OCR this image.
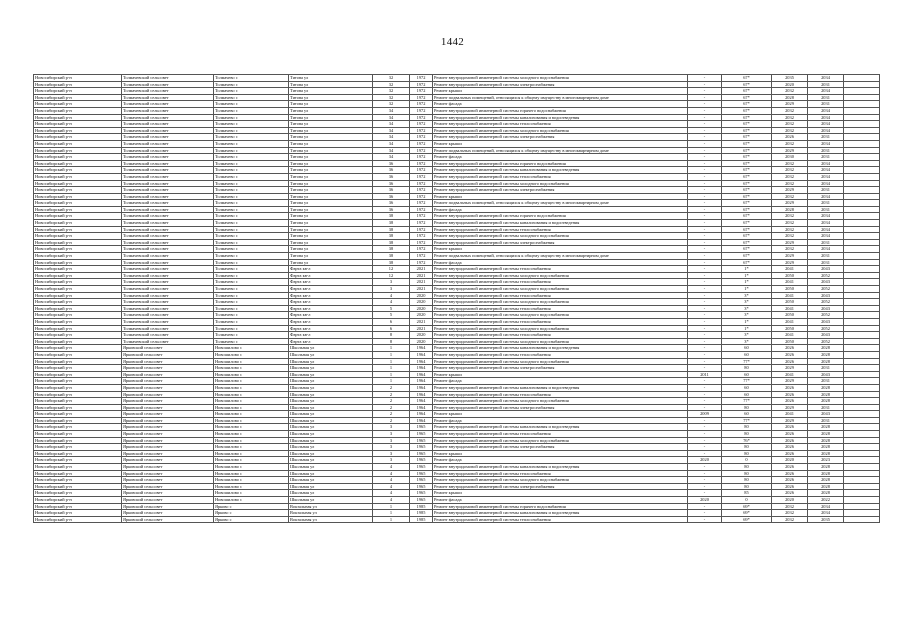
1442
Новосибирский р-н	Толмачевский сельсовет	Толмачево с	Титова ул	32	1972	Ремонт внутридомовой инженерной системы холодного водоснабжения	-	67*	2035	2034	
Новосибирский р-н	Толмачевский сельсовет	Толмачево с	Титова ул	32	1972	Ремонт внутридомовой инженерной системы электроснабжения	-	67*	2020	2031	
Новосибирский р-н	Толмачевский сельсовет	Толмачево с	Титова ул	32	1972	Ремонт крыши	-	67*	2032	2034	
Новосибирский р-н	Толмачевский сельсовет	Толмачево с	Титова ул	32	1972	Ремонт подвальных помещений, относящихся к общему имуществу в многоквартирном доме	-	67*	2028	2031	
Новосибирский р-н	Толмачевский сельсовет	Толмачево с	Титова ул	32	1972	Ремонт фасада	-	67*	2029	2031	
Новосибирский р-н	Толмачевский сельсовет	Толмачево с	Титова ул	34	1972	Ремонт внутридомовой инженерной системы горячего водоснабжения	-	67*	2032	2034	
Новосибирский р-н	Толмачевский сельсовет	Толмачево с	Титова ул	34	1972	Ремонт внутридомовой инженерной системы канализования и водоотведения	-	67*	2032	2034	
Новосибирский р-н	Толмачевский сельсовет	Толмачево с	Титова ул	34	1972	Ремонт внутридомовой инженерной системы теплоснабжения	-	67*	2032	2034	
Новосибирский р-н	Толмачевский сельсовет	Толмачево с	Титова ул	34	1972	Ремонт внутридомовой инженерной системы холодного водоснабжения	-	67*	2032	2034	
Новосибирский р-н	Толмачевский сельсовет	Толмачево с	Титова ул	34	1972	Ремонт внутридомовой инженерной системы электроснабжения	-	67*	2026	2031	
Новосибирский р-н	Толмачевский сельсовет	Толмачево с	Титова ул	34	1972	Ремонт крыши	-	67*	2032	2034	
Новосибирский р-н	Толмачевский сельсовет	Толмачево с	Титова ул	34	1972	Ремонт подвальных помещений, относящихся к общему имуществу в многоквартирном доме	-	67*	2029	2031	
Новосибирский р-н	Толмачевский сельсовет	Толмачево с	Титова ул	34	1972	Ремонт фасада	-	67*	2030	2031	
Новосибирский р-н	Толмачевский сельсовет	Толмачево с	Титова ул	36	1972	Ремонт внутридомовой инженерной системы горячего водоснабжения	-	67*	2032	2034	
Новосибирский р-н	Толмачевский сельсовет	Толмачево с	Титова ул	36	1972	Ремонт внутридомовой инженерной системы канализования и водоотведения	-	67*	2032	2034	
Новосибирский р-н	Толмачевский сельсовет	Толмачево с	Титова ул	36	1972	Ремонт внутридомовой инженерной системы теплоснабжения	-	67*	2032	2034	
Новосибирский р-н	Толмачевский сельсовет	Толмачево с	Титова ул	36	1972	Ремонт внутридомовой инженерной системы холодного водоснабжения	-	67*	2032	2034	
Новосибирский р-н	Толмачевский сельсовет	Толмачево с	Титова ул	36	1972	Ремонт внутридомовой инженерной системы электроснабжения	-	67*	2029	2031	
Новосибирский р-н	Толмачевский сельсовет	Толмачево с	Титова ул	36	1972	Ремонт крыши	-	67*	2032	2034	
Новосибирский р-н	Толмачевский сельсовет	Толмачево с	Титова ул	36	1972	Ремонт подвальных помещений, относящихся к общему имуществу в многоквартирном доме	-	67*	2029	2031	
Новосибирский р-н	Толмачевский сельсовет	Толмачево с	Титова ул	36	1972	Ремонт фасада	-	67*	2028	2031	
Новосибирский р-н	Толмачевский сельсовет	Толмачево с	Титова ул	38	1972	Ремонт внутридомовой инженерной системы горячего водоснабжения	-	67*	2032	2034	
Новосибирский р-н	Толмачевский сельсовет	Толмачево с	Титова ул	38	1972	Ремонт внутридомовой инженерной системы канализования и водоотведения	-	67*	2032	2034	
Новосибирский р-н	Толмачевский сельсовет	Толмачево с	Титова ул	38	1972	Ремонт внутридомовой инженерной системы теплоснабжения	-	67*	2032	2034	
Новосибирский р-н	Толмачевский сельсовет	Толмачево с	Титова ул	38	1972	Ремонт внутридомовой инженерной системы холодного водоснабжения	-	67*	2032	2034	
Новосибирский р-н	Толмачевский сельсовет	Толмачево с	Титова ул	38	1972	Ремонт внутридомовой инженерной системы электроснабжения	-	67*	2029	2031	
Новосибирский р-н	Толмачевский сельсовет	Толмачево с	Титова ул	38	1972	Ремонт крыши	-	67*	2032	2034	
Новосибирский р-н	Толмачевский сельсовет	Толмачево с	Титова ул	38	1972	Ремонт подвальных помещений, относящихся к общему имуществу в многоквартирном доме	-	67*	2029	2031	
Новосибирский р-н	Толмачевский сельсовет	Толмачево с	Титова ул	38	1972	Ремонт фасада	-	67*	2029	2031	
Новосибирский р-н	Толмачевский сельсовет	Толмачево с	Фарта кв-л	12	2021	Ремонт внутридомовой инженерной системы теплоснабжения	-	1*	2041	2043	
Новосибирский р-н	Толмачевский сельсовет	Толмачево с	Фарта кв-л	12	2021	Ремонт внутридомовой инженерной системы холодного водоснабжения	-	1*	2050	2052	
Новосибирский р-н	Толмачевский сельсовет	Толмачево с	Фарта кв-л	3	2021	Ремонт внутридомовой инженерной системы теплоснабжения	-	1*	2041	2043	
Новосибирский р-н	Толмачевский сельсовет	Толмачево с	Фарта кв-л	3	2021	Ремонт внутридомовой инженерной системы холодного водоснабжения	-	1*	2050	2052	
Новосибирский р-н	Толмачевский сельсовет	Толмачево с	Фарта кв-л	4	2020	Ремонт внутридомовой инженерной системы теплоснабжения	-	3*	2041	2043	
Новосибирский р-н	Толмачевский сельсовет	Толмачево с	Фарта кв-л	4	2020	Ремонт внутридомовой инженерной системы холодного водоснабжения	-	3*	2050	2052	
Новосибирский р-н	Толмачевский сельсовет	Толмачево с	Фарта кв-л	5	2020	Ремонт внутридомовой инженерной системы теплоснабжения	-	3*	2041	2043	
Новосибирский р-н	Толмачевский сельсовет	Толмачево с	Фарта кв-л	5	2020	Ремонт внутридомовой инженерной системы холодного водоснабжения	-	3*	2050	2052	
Новосибирский р-н	Толмачевский сельсовет	Толмачево с	Фарта кв-л	6	2021	Ремонт внутридомовой инженерной системы теплоснабжения	-	1*	2041	2043	
Новосибирский р-н	Толмачевский сельсовет	Толмачево с	Фарта кв-л	6	2021	Ремонт внутридомовой инженерной системы холодного водоснабжения	-	1*	2050	2052	
Новосибирский р-н	Толмачевский сельсовет	Толмачево с	Фарта кв-л	8	2020	Ремонт внутридомовой инженерной системы теплоснабжения	-	3*	2041	2043	
Новосибирский р-н	Толмачевский сельсовет	Толмачево с	Фарта кв-л	8	2020	Ремонт внутридомовой инженерной системы холодного водоснабжения	-	3*	2050	2052	
Новосибирский р-н	Ярковский сельсовет	Новошилово с	Школьная ул	1	1964	Ремонт внутридомовой инженерной системы канализования и водоотведения	-	60	2026	2028	
Новосибирский р-н	Ярковский сельсовет	Новошилово с	Школьная ул	1	1964	Ремонт внутридомовой инженерной системы теплоснабжения	-	60	2026	2028	
Новосибирский р-н	Ярковский сельсовет	Новошилово с	Школьная ул	1	1964	Ремонт внутридомовой инженерной системы холодного водоснабжения	-	77*	2026	2028	
Новосибирский р-н	Ярковский сельсовет	Новошилово с	Школьная ул	1	1964	Ремонт внутридомовой инженерной системы электроснабжения	-	80	2029	2031	
Новосибирский р-н	Ярковский сельсовет	Новошилово с	Школьная ул	1	1964	Ремонт крыши	2011	60	2041	2043	
Новосибирский р-н	Ярковский сельсовет	Новошилово с	Школьная ул	1	1964	Ремонт фасада	-	77*	2029	2031	
Новосибирский р-н	Ярковский сельсовет	Новошилово с	Школьная ул	2	1964	Ремонт внутридомовой инженерной системы канализования и водоотведения	-	60	2026	2028	
Новосибирский р-н	Ярковский сельсовет	Новошилово с	Школьная ул	2	1964	Ремонт внутридомовой инженерной системы теплоснабжения	-	60	2026	2028	
Новосибирский р-н	Ярковский сельсовет	Новошилово с	Школьная ул	2	1964	Ремонт внутридомовой инженерной системы холодного водоснабжения	-	77*	2026	2028	
Новосибирский р-н	Ярковский сельсовет	Новошилово с	Школьная ул	2	1964	Ремонт внутридомовой инженерной системы электроснабжения	-	80	2029	2031	
Новосибирский р-н	Ярковский сельсовет	Новошилово с	Школьная ул	2	1964	Ремонт крыши	2009	60	2041	2043	
Новосибирский р-н	Ярковский сельсовет	Новошилово с	Школьная ул	2	1964	Ремонт фасада	-	77*	2029	2031	
Новосибирский р-н	Ярковский сельсовет	Новошилово с	Школьная ул	3	1965	Ремонт внутридомовой инженерной системы канализования и водоотведения	-	80	2026	2028	
Новосибирский р-н	Ярковский сельсовет	Новошилово с	Школьная ул	3	1965	Ремонт внутридомовой инженерной системы теплоснабжения	-	80	2026	2028	
Новосибирский р-н	Ярковский сельсовет	Новошилово с	Школьная ул	3	1965	Ремонт внутридомовой инженерной системы холодного водоснабжения	-	76*	2026	2028	
Новосибирский р-н	Ярковский сельсовет	Новошилово с	Школьная ул	3	1965	Ремонт внутридомовой инженерной системы электроснабжения	-	80	2026	2028	
Новосибирский р-н	Ярковский сельсовет	Новошилово с	Школьная ул	3	1965	Ремонт крыши	-	80	2026	2028	
Новосибирский р-н	Ярковский сельсовет	Новошилово с	Школьная ул	3	1965	Ремонт фасада	2020	0	2020	2023	
Новосибирский р-н	Ярковский сельсовет	Новошилово с	Школьная ул	4	1965	Ремонт внутридомовой инженерной системы канализования и водоотведения	-	80	2026	2028	
Новосибирский р-н	Ярковский сельсовет	Новошилово с	Школьная ул	4	1965	Ремонт внутридомовой инженерной системы теплоснабжения	-	80	2026	2028	
Новосибирский р-н	Ярковский сельсовет	Новошилово с	Школьная ул	4	1965	Ремонт внутридомовой инженерной системы холодного водоснабжения	-	80	2026	2028	
Новосибирский р-н	Ярковский сельсовет	Новошилово с	Школьная ул	4	1965	Ремонт внутридомовой инженерной системы электроснабжения	-	80	2026	2028	
Новосибирский р-н	Ярковский сельсовет	Новошилово с	Школьная ул	4	1965	Ремонт крыши	-	85	2026	2028	
Новосибирский р-н	Ярковский сельсовет	Новошилово с	Школьная ул	4	1965	Ремонт фасада	2020	0	2020	2022	
Новосибирский р-н	Ярковский сельсовет	Ярково с	Вокзальная ул	1	1985	Ремонт внутридомовой инженерной системы горячего водоснабжения	-	69*	2032	2034	
Новосибирский р-н	Ярковский сельсовет	Ярково с	Вокзальная ул	1	1985	Ремонт внутридомовой инженерной системы канализования и водоотведения	-	69*	2032	2034	
Новосибирский р-н	Ярковский сельсовет	Ярково с	Вокзальная ул	1	1985	Ремонт внутридомовой инженерной системы теплоснабжения	-	69*	2032	2035	
